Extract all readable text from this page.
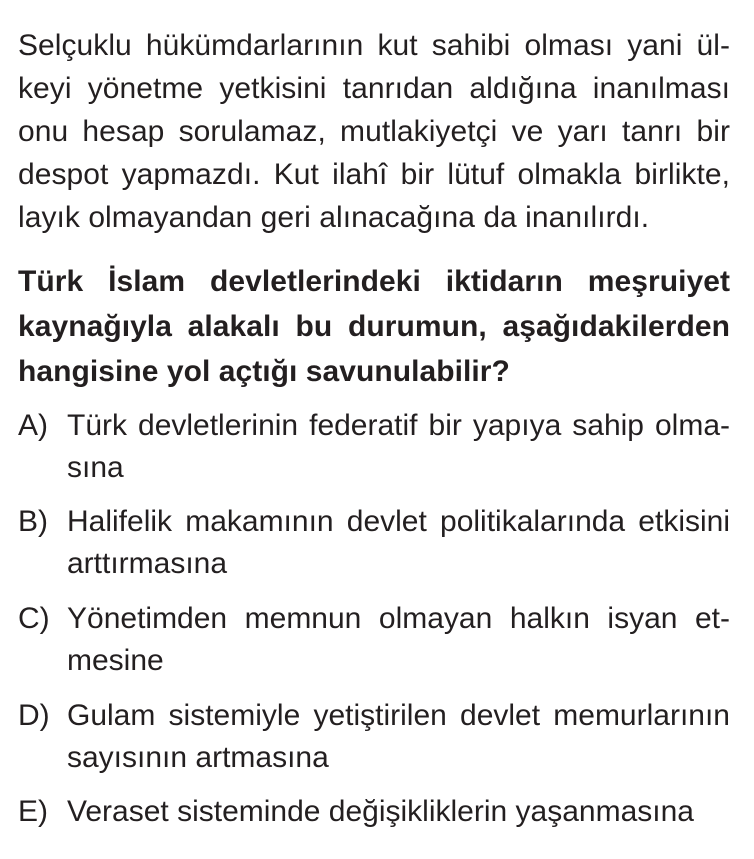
Selçuklu hükümdarlarının kut sahibi olması yani ül-
keyi yönetme yetkisini tanrıdan aldığına inanılması
onu hesap sorulamaz, mutlakiyetçi ve yarı tanrı bir
despot yapmazdı. Kut ilahî bir lütuf olmakla birlikte,
layık olmayandan geri alınacağına da inanılırdı.
Türk İslam devletlerindeki iktidarın meşruiyet
kaynağıyla alakalı bu durumun, aşağıdakilerden
hangisine yol açtığı savunulabilir?
A) Türk devletlerinin federatif bir yapıya sahip olma-
sına
B) Halifelik makamının devlet politikalarında etkisini
arttırmasına
C) Yönetimden memnun olmayan halkın isyan et-
mesine
D) Gulam sistemiyle yetiştirilen devlet memurlarının
sayısının artmasına
E) Veraset sisteminde değişikliklerin yaşanmasına
